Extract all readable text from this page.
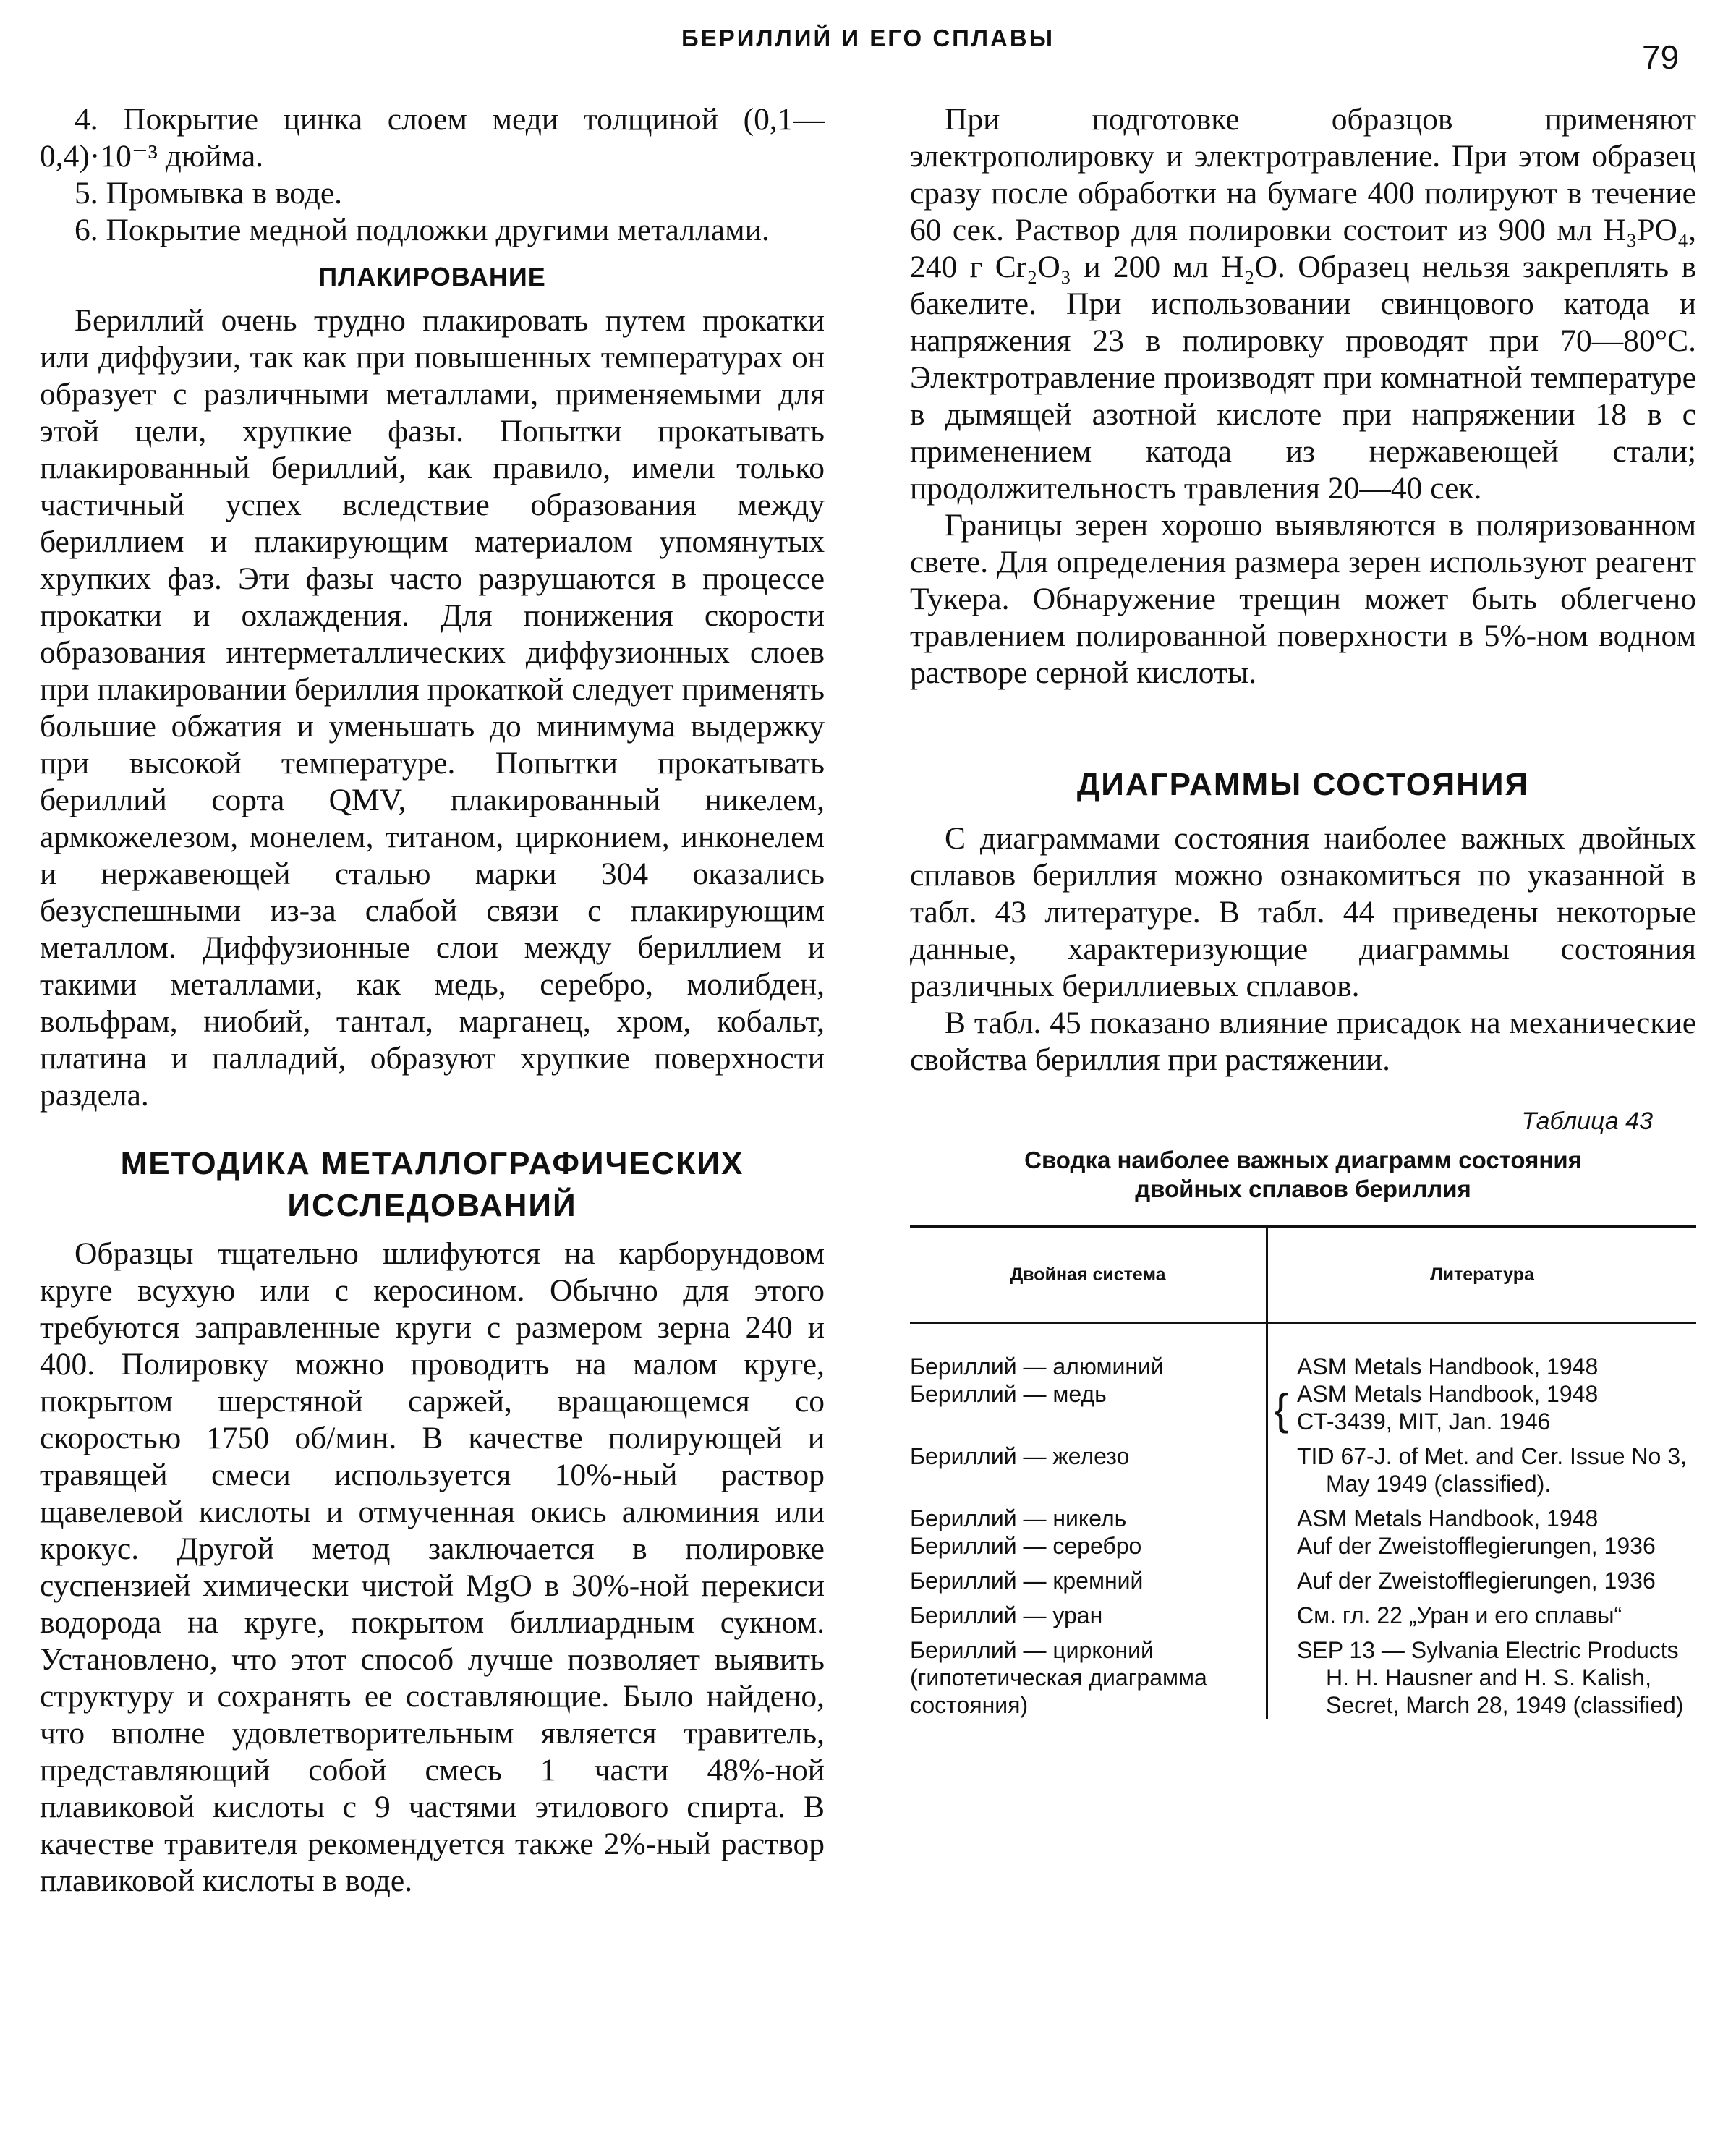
БЕРИЛЛИЙ И ЕГО СПЛАВЫ
79

4. Покрытие цинка слоем меди толщиной (0,1—0,4)·10⁻³ дюйма.

5. Промывка в воде.

6. Покрытие медной подложки другими металлами.

ПЛАКИРОВАНИЕ

Бериллий очень трудно плакировать путем прокатки или диффузии, так как при повышенных температурах он образует с различными металлами, применяемыми для этой цели, хрупкие фазы. Попытки прокатывать плакированный бериллий, как правило, имели только частичный успех вследствие образования между бериллием и плакирующим материалом упомянутых хрупких фаз. Эти фазы часто разрушаются в процессе прокатки и охлаждения. Для понижения скорости образования интерметаллических диффузионных слоев при плакировании бериллия прокаткой следует применять большие обжатия и уменьшать до минимума выдержку при высокой температуре. Попытки прокатывать бериллий сорта QMV, плакированный никелем, армкожелезом, монелем, титаном, цирконием, инконелем и нержавеющей сталью марки 304 оказались безуспешными из-за слабой связи с плакирующим металлом. Диффузионные слои между бериллием и такими металлами, как медь, серебро, молибден, вольфрам, ниобий, тантал, марганец, хром, кобальт, платина и палладий, образуют хрупкие поверхности раздела.

МЕТОДИКА МЕТАЛЛОГРАФИЧЕСКИХ
ИССЛЕДОВАНИЙ

Образцы тщательно шлифуются на карборундовом круге всухую или с керосином. Обычно для этого требуются заправленные круги с размером зерна 240 и 400. Полировку можно проводить на малом круге, покрытом шерстяной саржей, вращающемся со скоростью 1750 об/мин. В качестве полирующей и травящей смеси используется 10%-ный раствор щавелевой кислоты и отмученная окись алюминия или крокус. Другой метод заключается в полировке суспензией химически чистой MgO в 30%-ной перекиси водорода на круге, покрытом биллиардным сукном. Установлено, что этот способ лучше позволяет выявить структуру и сохранять ее составляющие. Было найдено, что вполне удовлетворительным является травитель, представляющий собой смесь 1 части 48%-ной плавиковой кислоты с 9 частями этилового спирта. В качестве травителя рекомендуется также 2%-ный раствор плавиковой кислоты в воде.

При подготовке образцов применяют электрополировку и электротравление. При этом образец сразу после обработки на бумаге 400 полируют в течение 60 сек. Раствор для полировки состоит из 900 мл H₃PO₄, 240 г Cr₂O₃ и 200 мл H₂O. Образец нельзя закреплять в бакелите. При использовании свинцового катода и напряжения 23 в полировку проводят при 70—80°С. Электротравление производят при комнатной температуре в дымящей азотной кислоте при напряжении 18 в с применением катода из нержавеющей стали; продолжительность травления 20—40 сек.

Границы зерен хорошо выявляются в поляризованном свете. Для определения размера зерен используют реагент Тукера. Обнаружение трещин может быть облегчено травлением полированной поверхности в 5%-ном водном растворе серной кислоты.

ДИАГРАММЫ СОСТОЯНИЯ

С диаграммами состояния наиболее важных двойных сплавов бериллия можно ознакомиться по указанной в табл. 43 литературе. В табл. 44 приведены некоторые данные, характеризующие диаграммы состояния различных бериллиевых сплавов.

В табл. 45 показано влияние присадок на механические свойства бериллия при растяжении.

Таблица 43
Сводка наиболее важных диаграмм состояния
двойных сплавов бериллия
Двойная система	Литература
Бериллий — алюминий	ASM Metals Handbook, 1948
Бериллий — медь	{ ASM Metals Handbook, 1948
CT-3439, MIT, Jan. 1946

Бериллий — железо	TID 67-J. of Met. and Cer. Issue No 3, May 1949 (classified).

Бериллий — никель	ASM Metals Handbook, 1948
Бериллий — серебро	Auf der Zweistofflegierungen, 1936

Бериллий — кремний	Auf der Zweistofflegierungen, 1936

Бериллий — уран	См. гл. 22 „Уран и его сплавы“

Бериллий — цирконий (гипотетическая диаграмма состояния)	SEP 13 — Sylvania Electric Products H. H. Hausner and H. S. Kalish, Secret, March 28, 1949 (classified)
